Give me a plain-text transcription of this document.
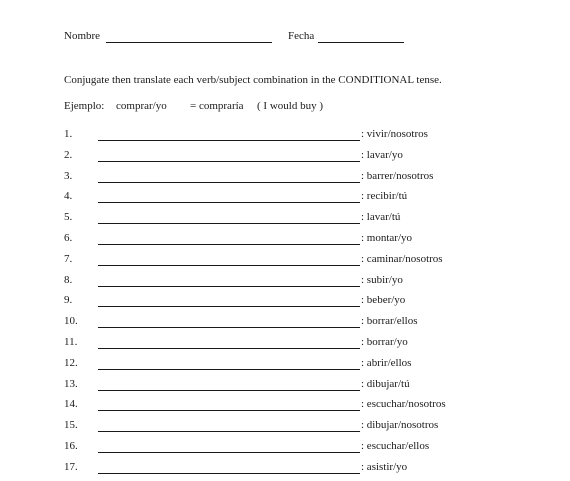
Nombre	Fecha
Conjugate then translate each verb/subject combination in the CONDITIONAL tense.
Ejemplo: comprar/yo = compraría ( I would buy )
1.	: vivir/nosotros
2.	: lavar/yo
3.	: barrer/nosotros
4.	: recibir/tú
5.	: lavar/tú
6.	: montar/yo
7.	: caminar/nosotros
8.	: subir/yo
9.	: beber/yo
10.	: borrar/ellos
11.	: borrar/yo
12.	: abrir/ellos
13.	: dibujar/tú
14.	: escuchar/nosotros
15.	: dibujar/nosotros
16.	: escuchar/ellos
17.	: asistir/yo
